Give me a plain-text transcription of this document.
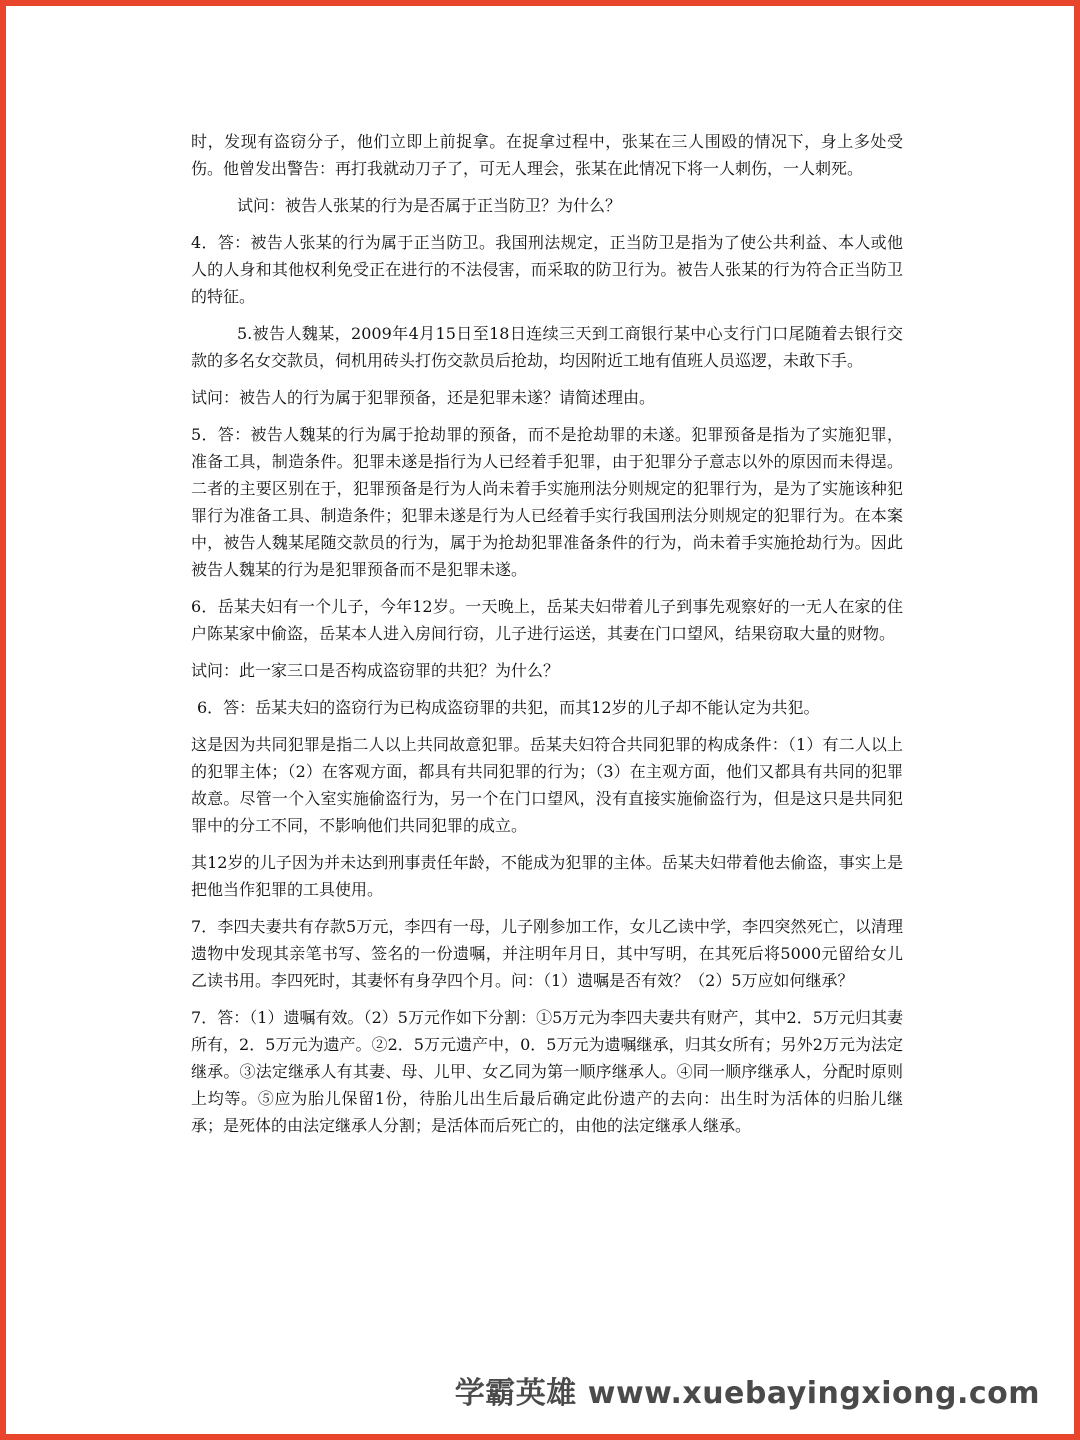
时，发现有盗窃分子，他们立即上前捉拿。在捉拿过程中，张某在三人围殴的情况下，身上多处受伤。他曾发出警告：再打我就动刀子了，可无人理会，张某在此情况下将一人刺伤，一人刺死。

试问：被告人张某的行为是否属于正当防卫？为什么？

4．答：被告人张某的行为属于正当防卫。我国刑法规定，正当防卫是指为了使公共利益、本人或他人的人身和其他权利免受正在进行的不法侵害，而采取的防卫行为。被告人张某的行为符合正当防卫的特征。

5.被告人魏某，2009年4月15日至18日连续三天到工商银行某中心支行门口尾随着去银行交款的多名女交款员，伺机用砖头打伤交款员后抢劫，均因附近工地有值班人员巡逻，未敢下手。

试问：被告人的行为属于犯罪预备，还是犯罪未遂？请简述理由。

5．答：被告人魏某的行为属于抢劫罪的预备，而不是抢劫罪的未遂。犯罪预备是指为了实施犯罪，准备工具，制造条件。犯罪未遂是指行为人已经着手犯罪，由于犯罪分子意志以外的原因而未得逞。二者的主要区别在于，犯罪预备是行为人尚未着手实施刑法分则规定的犯罪行为，是为了实施该种犯罪行为准备工具、制造条件；犯罪未遂是行为人已经着手实行我国刑法分则规定的犯罪行为。在本案中，被告人魏某尾随交款员的行为，属于为抢劫犯罪准备条件的行为，尚未着手实施抢劫行为。因此被告人魏某的行为是犯罪预备而不是犯罪未遂。

6．岳某夫妇有一个儿子，今年12岁。一天晚上，岳某夫妇带着儿子到事先观察好的一无人在家的住户陈某家中偷盗，岳某本人进入房间行窃，儿子进行运送，其妻在门口望风，结果窃取大量的财物。

试问：此一家三口是否构成盗窃罪的共犯？为什么？

6．答：岳某夫妇的盗窃行为已构成盗窃罪的共犯，而其12岁的儿子却不能认定为共犯。

这是因为共同犯罪是指二人以上共同故意犯罪。岳某夫妇符合共同犯罪的构成条件：（1）有二人以上的犯罪主体；（2）在客观方面，都具有共同犯罪的行为；（3）在主观方面，他们又都具有共同的犯罪故意。尽管一个入室实施偷盗行为，另一个在门口望风，没有直接实施偷盗行为，但是这只是共同犯罪中的分工不同，不影响他们共同犯罪的成立。

其12岁的儿子因为并未达到刑事责任年龄，不能成为犯罪的主体。岳某夫妇带着他去偷盗，事实上是把他当作犯罪的工具使用。

7．李四夫妻共有存款5万元，李四有一母，儿子刚参加工作，女儿乙读中学，李四突然死亡，以清理遗物中发现其亲笔书写、签名的一份遗嘱，并注明年月日，其中写明，在其死后将5000元留给女儿乙读书用。李四死时，其妻怀有身孕四个月。问：（1）遗嘱是否有效？（2）5万应如何继承？

7．答：（1）遗嘱有效。（2）5万元作如下分割：①5万元为李四夫妻共有财产，其中2．5万元归其妻所有，2．5万元为遗产。②2．5万元遗产中，0．5万元为遗嘱继承，归其女所有；另外2万元为法定继承。③法定继承人有其妻、母、儿甲、女乙同为第一顺序继承人。④同一顺序继承人，分配时原则上均等。⑤应为胎儿保留1份，待胎儿出生后最后确定此份遗产的去向：出生时为活体的归胎儿继承；是死体的由法定继承人分割；是活体而后死亡的，由他的法定继承人继承。

学霸英雄 www.xuebayingxiong.com
